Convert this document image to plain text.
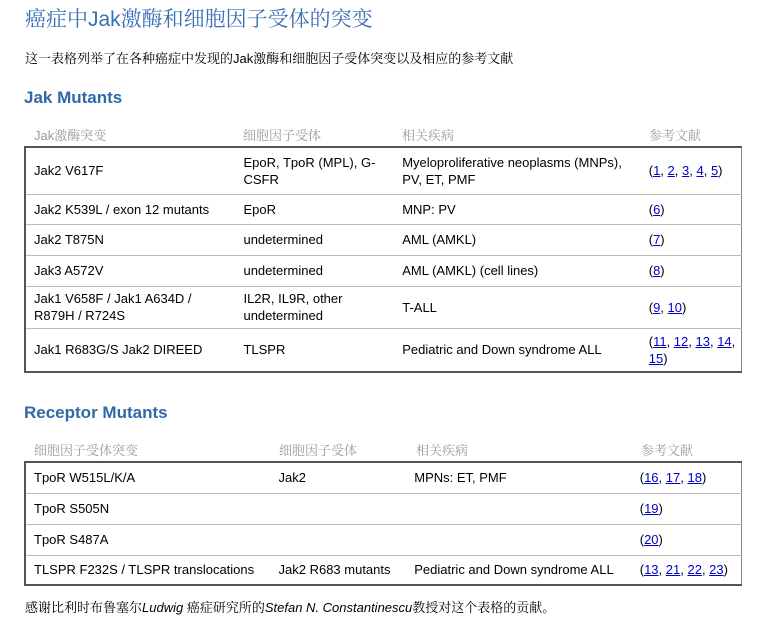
癌症中Jak激酶和细胞因子受体的突变
这一表格列举了在各种癌症中发现的Jak激酶和细胞因子受体突变以及相应的参考文献
Jak Mutants
Jak激酶突变	细胞因子受体	相关疾病	参考文献
Jak2 V617F	EpoR, TpoR (MPL), G-CSFR	Myeloproliferative neoplasms (MNPs), PV, ET, PMF	(1, 2, 3, 4, 5)
Jak2 K539L / exon 12 mutants	EpoR	MNP: PV	(6)
Jak2 T875N	undetermined	AML (AMKL)	(7)
Jak3 A572V	undetermined	AML (AMKL) (cell lines)	(8)
Jak1 V658F / Jak1 A634D / R879H / R724S	IL2R, IL9R, other undetermined	T-ALL	(9, 10)
Jak1 R683G/S Jak2 DIREED	TLSPR	Pediatric and Down syndrome ALL	(11, 12, 13, 14, 15)
Receptor Mutants
细胞因子受体突变	细胞因子受体	相关疾病	参考文献
TpoR W515L/K/A	Jak2	MPNs: ET, PMF	(16, 17, 18)
TpoR S505N			(19)
TpoR S487A			(20)
TLSPR F232S / TLSPR translocations	Jak2 R683 mutants	Pediatric and Down syndrome ALL	(13, 21, 22, 23)
感谢比利时布鲁塞尔Ludwig 癌症研究所的Stefan N. Constantinescu教授对这个表格的贡献。
